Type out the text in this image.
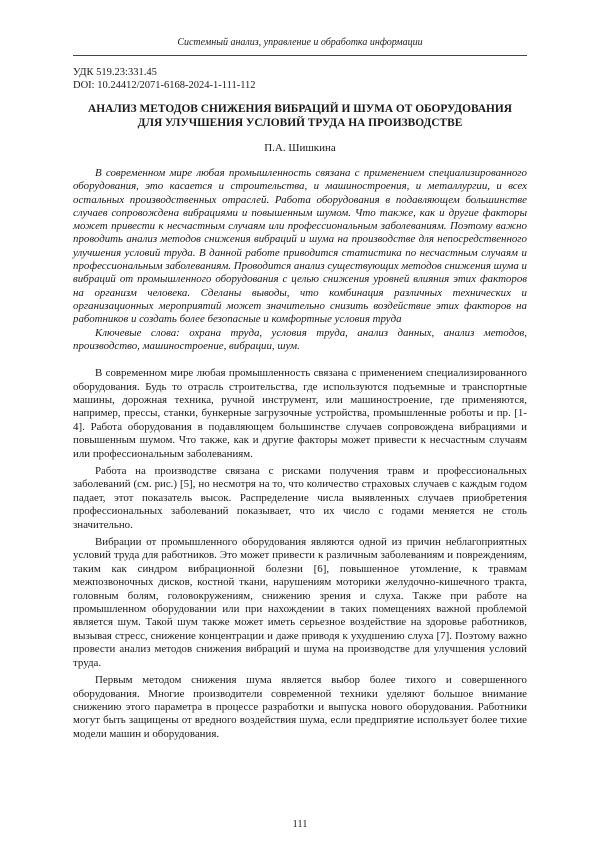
Системный анализ, управление и обработка информации
УДК 519.23:331.45
DOI: 10.24412/2071-6168-2024-1-111-112
АНАЛИЗ МЕТОДОВ СНИЖЕНИЯ ВИБРАЦИЙ И ШУМА ОТ ОБОРУДОВАНИЯ
ДЛЯ УЛУЧШЕНИЯ УСЛОВИЙ ТРУДА НА ПРОИЗВОДСТВЕ
П.А. Шишкина
В современном мире любая промышленность связана с применением специализированного оборудования, это касается и строительства, и машиностроения, и металлургии, и всех остальных производственных отраслей. Работа оборудования в подавляющем большинстве случаев сопровождена вибрациями и повышенным шумом. Что также, как и другие факторы может привести к несчастным случаям или профессиональным заболеваниям. Поэтому важно проводить анализ методов снижения вибраций и шума на производстве для непосредственного улучшения условий труда. В данной работе приводится статистика по несчастным случаям и профессиональным заболеваниям. Проводится анализ существующих методов снижения шума и вибраций от промышленного оборудования с целью снижения уровней влияния этих факторов на организм человека. Сделаны выводы, что комбинация различных технических и организационных мероприятий может значительно снизить воздействие этих факторов на работников и создать более безопасные и комфортные условия труда
Ключевые слова: охрана труда, условия труда, анализ данных, анализ методов, производство, машиностроение, вибрации, шум.

В современном мире любая промышленность связана с применением специализированного оборудования. Будь то отрасль строительства, где используются подъемные и транспортные машины, дорожная техника, ручной инструмент, или машиностроение, где применяются, например, прессы, станки, бункерные загрузочные устройства, промышленные роботы и пр. [1-4]. Работа оборудования в подавляющем большинстве случаев сопровождена вибрациями и повышенным шумом. Что также, как и другие факторы может привести к несчастным случаям или профессиональным заболеваниям.

Работа на производстве связана с рисками получения травм и профессиональных заболеваний (см. рис.) [5], но несмотря на то, что количество страховых случаев с каждым годом падает, этот показатель высок. Распределение числа выявленных случаев приобретения профессиональных заболеваний показывает, что их число с годами меняется не столь значительно.

Вибрации от промышленного оборудования являются одной из причин неблагоприятных условий труда для работников. Это может привести к различным заболеваниям и повреждениям, таким как синдром вибрационной болезни [6], повышенное утомление, к травмам межпозвоночных дисков, костной ткани, нарушениям моторики желудочно-кишечного тракта, головным болям, головокружениям, снижению зрения и слуха. Также при работе на промышленном оборудовании или при нахождении в таких помещениях важной проблемой является шум. Такой шум также может иметь серьезное воздействие на здоровье работников, вызывая стресс, снижение концентрации и даже приводя к ухудшению слуха [7]. Поэтому важно провести анализ методов снижения вибраций и шума на производстве для улучшения условий труда.

Первым методом снижения шума является выбор более тихого и совершенного оборудования. Многие производители современной техники уделяют большое внимание снижению этого параметра в процессе разработки и выпуска нового оборудования. Работники могут быть защищены от вредного воздействия шума, если предприятие использует более тихие модели машин и оборудования.

111
